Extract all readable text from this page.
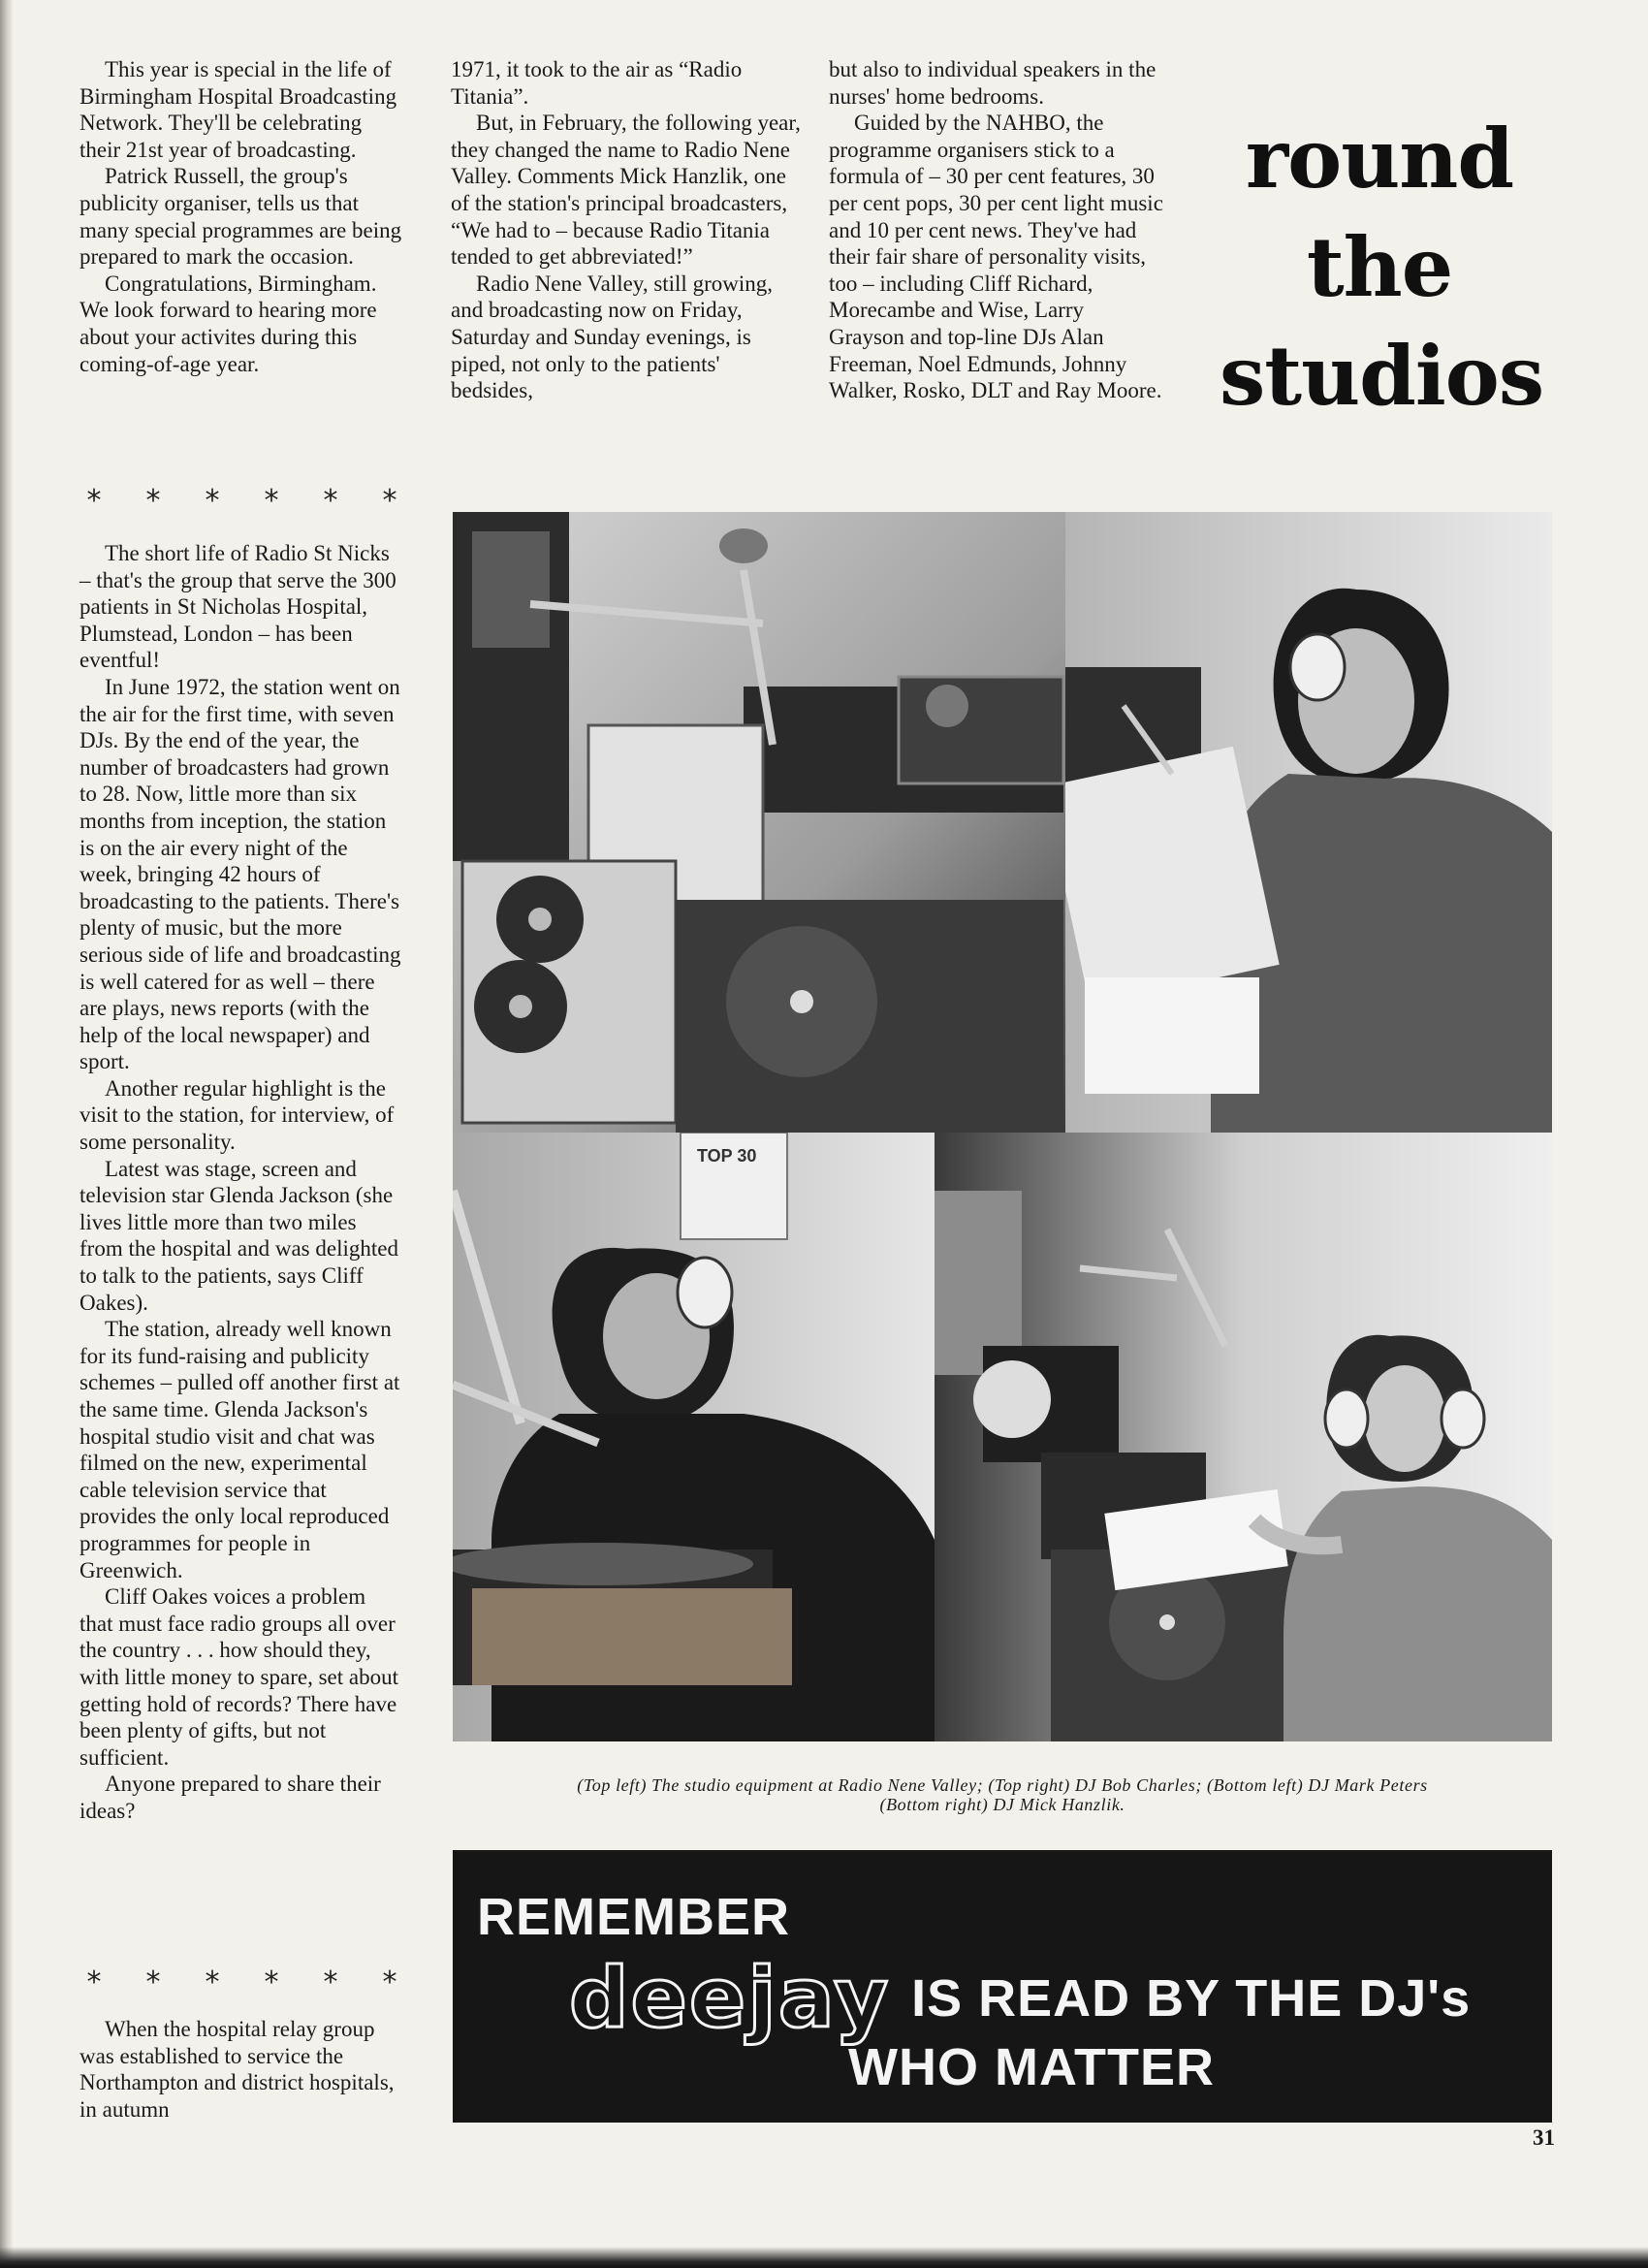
This year is special in the life of Birmingham Hospital Broadcasting Network. They'll be celebrating their 21st year of broadcasting.

Patrick Russell, the group's publicity organiser, tells us that many special programmes are being prepared to mark the occasion.

Congratulations, Birmingham. We look forward to hearing more about your activites during this coming-of-age year.

* * * * * *

The short life of Radio St Nicks – that's the group that serve the 300 patients in St Nicholas Hospital, Plumstead, London – has been eventful!

In June 1972, the station went on the air for the first time, with seven DJs. By the end of the year, the number of broadcasters had grown to 28. Now, little more than six months from inception, the station is on the air every night of the week, bringing 42 hours of broadcasting to the patients. There's plenty of music, but the more serious side of life and broadcasting is well catered for as well – there are plays, news reports (with the help of the local newspaper) and sport.

Another regular highlight is the visit to the station, for interview, of some personality.

Latest was stage, screen and television star Glenda Jackson (she lives little more than two miles from the hospital and was delighted to talk to the patients, says Cliff Oakes).

The station, already well known for its fund-raising and publicity schemes – pulled off another first at the same time. Glenda Jackson's hospital studio visit and chat was filmed on the new, experimental cable television service that provides the only local reproduced programmes for people in Greenwich.

Cliff Oakes voices a problem that must face radio groups all over the country . . . how should they, with little money to spare, set about getting hold of records? There have been plenty of gifts, but not sufficient.

Anyone prepared to share their ideas?

* * * * * *

When the hospital relay group was established to service the Northampton and district hospitals, in autumn

1971, it took to the air as “Radio Titania”.

But, in February, the following year, they changed the name to Radio Nene Valley. Comments Mick Hanzlik, one of the station's principal broadcasters, “We had to – because Radio Titania tended to get abbreviated!”

Radio Nene Valley, still growing, and broadcasting now on Friday, Saturday and Sunday evenings, is piped, not only to the patients' bedsides,

but also to individual speakers in the nurses' home bedrooms.

Guided by the NAHBO, the programme organisers stick to a formula of – 30 per cent features, 30 per cent pops, 30 per cent light music and 10 per cent news. They've had their fair share of personality visits, too – including Cliff Richard, Morecambe and Wise, Larry Grayson and top-line DJs Alan Freeman, Noel Edmunds, Johnny Walker, Rosko, DLT and Ray Moore.

round
the
studios
TOP 30
(Top left) The studio equipment at Radio Nene Valley; (Top right) DJ Bob Charles; (Bottom left) DJ Mark Peters
(Bottom right) DJ Mick Hanzlik.
REMEMBER
deejay IS READ BY THE DJ's
WHO MATTER
31
